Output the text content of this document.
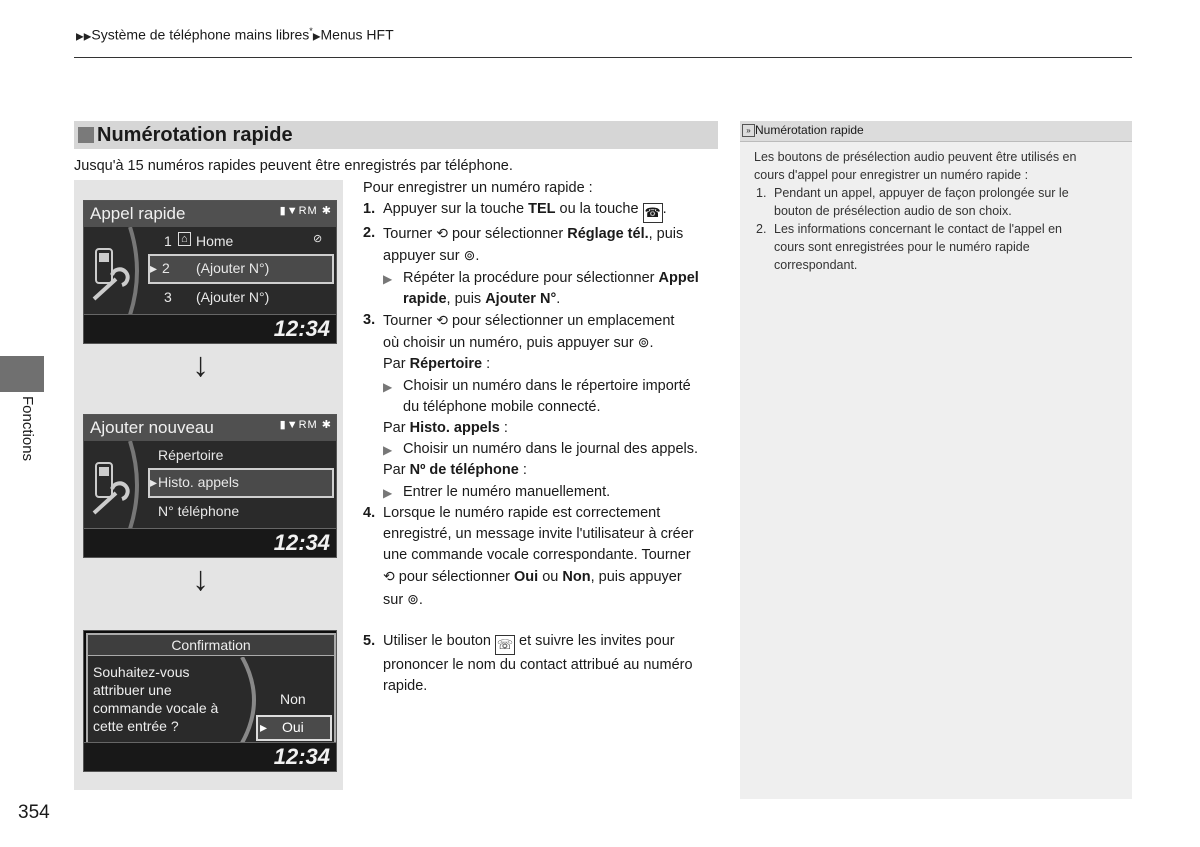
▶▶Système de téléphone mains libres*▶Menus HFT
Numérotation rapide
Jusqu'à 15 numéros rapides peuvent être enregistrés par téléphone.
Appel rapide	▮▼RM ✱
1 ⌂ Home	⊘
▸ 2 (Ajouter N°)
3 (Ajouter N°)
12:34
↓
Ajouter nouveau	▮▼RM ✱
Répertoire
▸ Histo. appels
N° téléphone
12:34
↓
Confirmation
Souhaitez-vous
attribuer une
commande vocale à
cette entrée ?
Non
▸ Oui
12:34
Pour enregistrer un numéro rapide :
1. Appuyer sur la touche TEL ou la touche ☎ .
2. Tourner ⟲ pour sélectionner Réglage tél., puis
appuyer sur ⊚.
▶ Répéter la procédure pour sélectionner Appel
rapide, puis Ajouter N°.
3. Tourner ⟲ pour sélectionner un emplacement
où choisir un numéro, puis appuyer sur ⊚.
Par Répertoire :
▶ Choisir un numéro dans le répertoire importé
du téléphone mobile connecté.
Par Histo. appels :
▶ Choisir un numéro dans le journal des appels.
Par Nº de téléphone :
▶ Entrer le numéro manuellement.
4. Lorsque le numéro rapide est correctement
enregistré, un message invite l'utilisateur à créer
une commande vocale correspondante. Tourner
⟲ pour sélectionner Oui ou Non, puis appuyer
sur ⊚.
5. Utiliser le bouton ☏ et suivre les invites pour
prononcer le nom du contact attribué au numéro
rapide.
» Numérotation rapide
Les boutons de présélection audio peuvent être utilisés en
cours d'appel pour enregistrer un numéro rapide :
1. Pendant un appel, appuyer de façon prolongée sur le
bouton de présélection audio de son choix.
2. Les informations concernant le contact de l'appel en
cours sont enregistrées pour le numéro rapide
correspondant.
Fonctions
354
